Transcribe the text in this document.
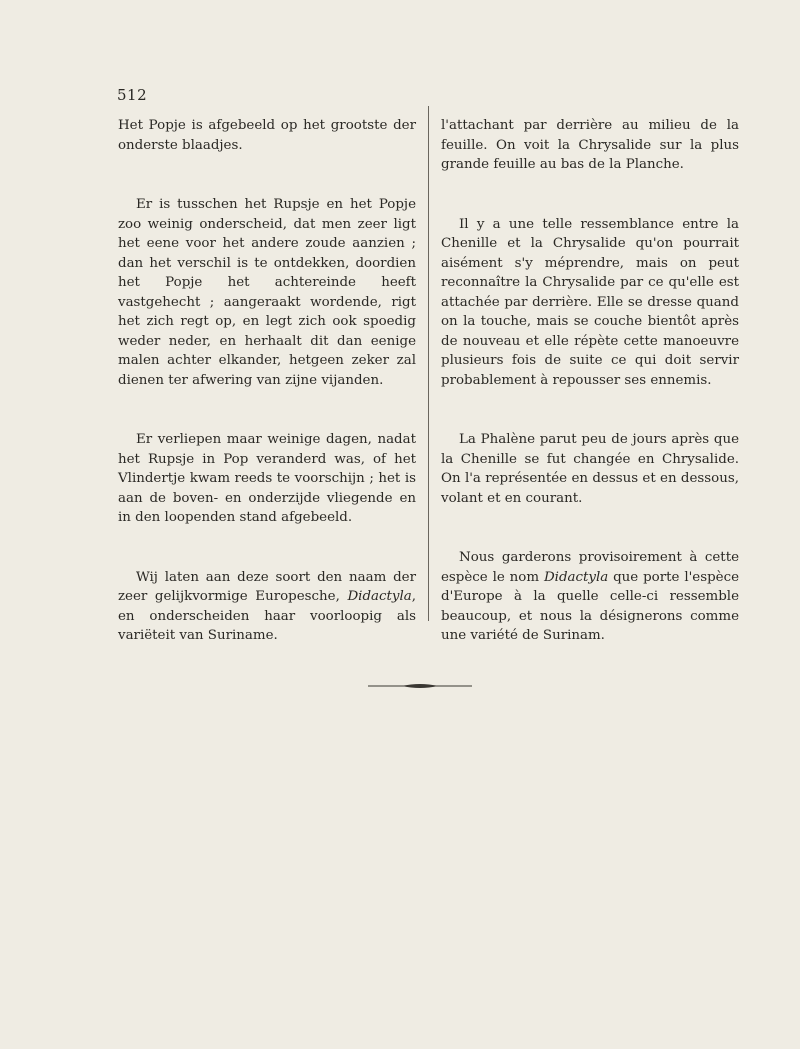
512

Het Popje is afgebeeld op het grootste der onderste blaadjes.

Er is tusschen het Rupsje en het Popje zoo weinig onderscheid, dat men zeer ligt het eene voor het andere zoude aanzien ; dan het verschil is te ontdekken, doordien het Popje het achtereinde heeft vastgehecht ; aangeraakt wordende, rigt het zich regt op, en legt zich ook spoedig weder neder, en herhaalt dit dan eenige malen achter elkander, hetgeen zeker zal dienen ter afwering van zijne vijanden.

Er verliepen maar weinige dagen, nadat het Rupsje in Pop veranderd was, of het Vlindertje kwam reeds te voorschijn ; het is aan de boven- en onderzijde vliegende en in den loopenden stand afgebeeld.

Wij laten aan deze soort den naam der zeer gelijkvormige Europesche, Didactyla, en onderscheiden haar voorloopig als variëteit van Suriname.

l'attachant par derrière au milieu de la feuille. On voit la Chrysalide sur la plus grande feuille au bas de la Planche.

Il y a une telle ressemblance entre la Chenille et la Chrysalide qu'on pourrait aisément s'y méprendre, mais on peut reconnaître la Chrysalide par ce qu'elle est attachée par derrière. Elle se dresse quand on la touche, mais se couche bientôt après de nouveau et elle répète cette manoeuvre plusieurs fois de suite ce qui doit servir probablement à repousser ses ennemis.

La Phalène parut peu de jours après que la Chenille se fut changée en Chrysalide. On l'a représentée en dessus et en dessous, volant et en courant.

Nous garderons provisoirement à cette espèce le nom Didactyla que porte l'espèce d'Europe à la quelle celle-ci ressemble beaucoup, et nous la désignerons comme une variété de Surinam.
